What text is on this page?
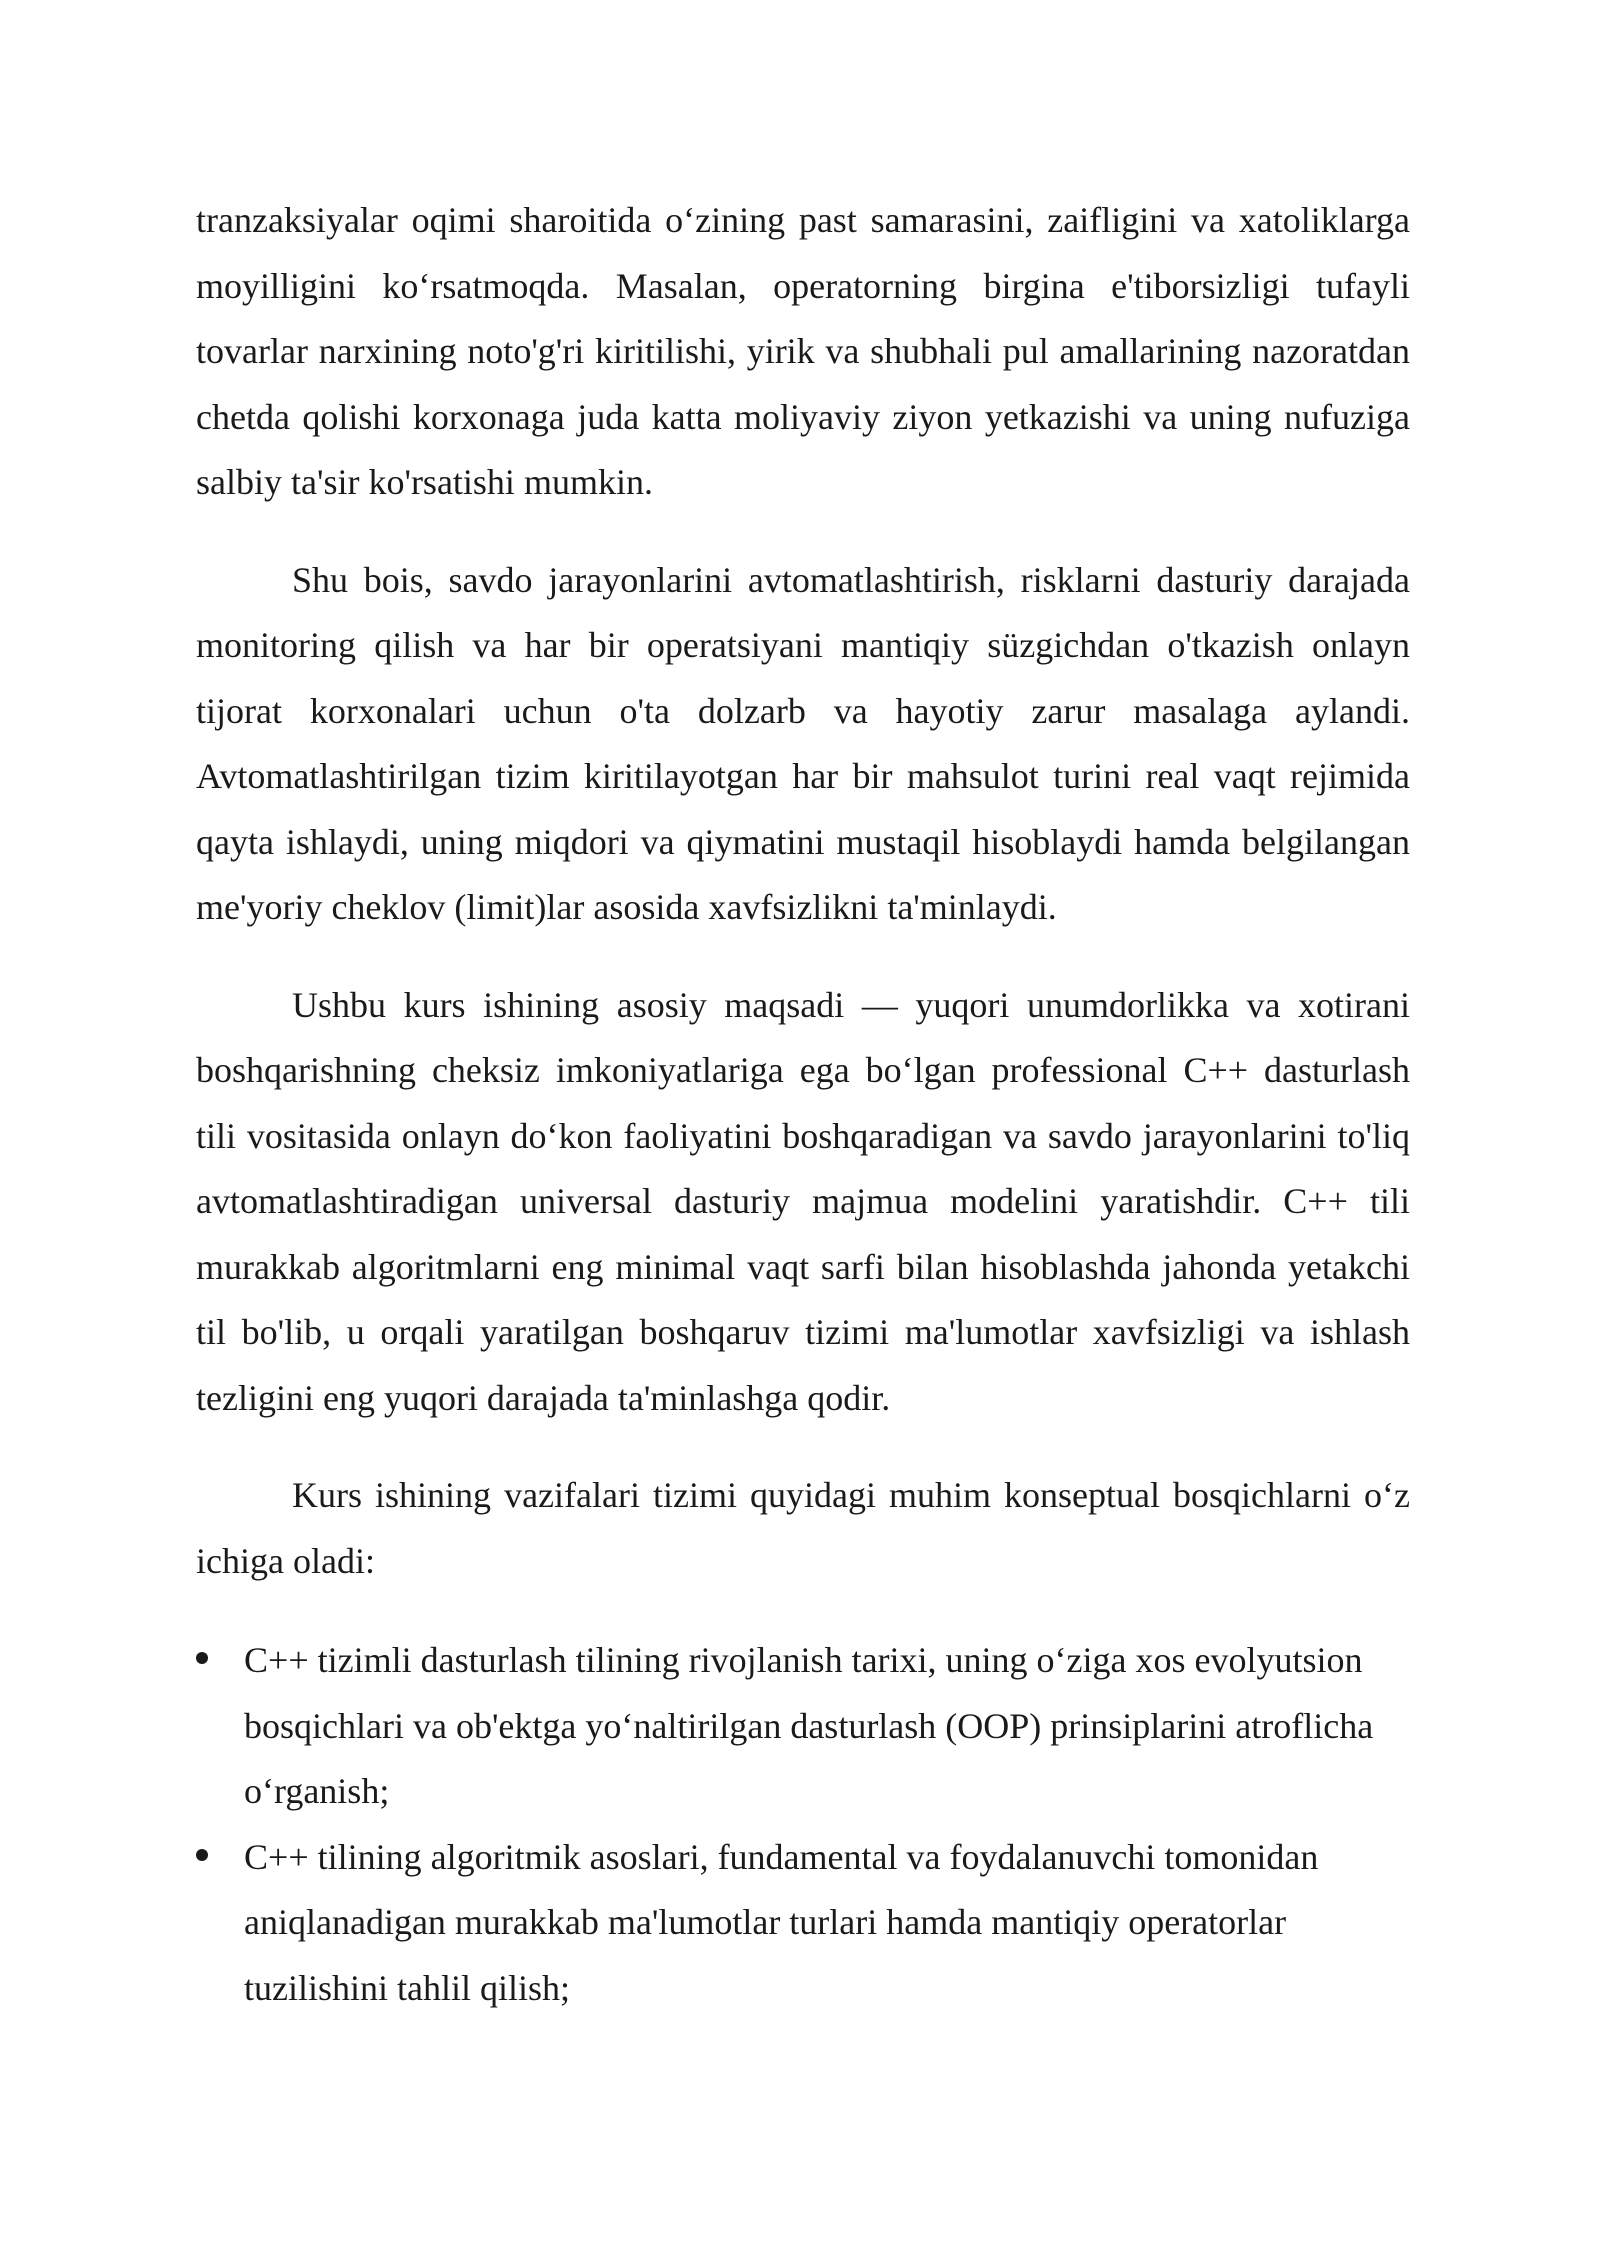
tranzaksiyalar oqimi sharoitida o‘zining past samarasini, zaifligini va xatoliklarga moyilligini ko‘rsatmoqda. Masalan, operatorning birgina e'tiborsizligi tufayli tovarlar narxining noto'g'ri kiritilishi, yirik va shubhali pul amallarining nazoratdan chetda qolishi korxonaga juda katta moliyaviy ziyon yetkazishi va uning nufuziga salbiy ta'sir ko'rsatishi mumkin.

Shu bois, savdo jarayonlarini avtomatlashtirish, risklarni dasturiy darajada monitoring qilish va har bir operatsiyani mantiqiy süzgichdan o'tkazish onlayn tijorat korxonalari uchun o'ta dolzarb va hayotiy zarur masalaga aylandi. Avtomatlashtirilgan tizim kiritilayotgan har bir mahsulot turini real vaqt rejimida qayta ishlaydi, uning miqdori va qiymatini mustaqil hisoblaydi hamda belgilangan me'yoriy cheklov (limit)lar asosida xavfsizlikni ta'minlaydi.

Ushbu kurs ishining asosiy maqsadi — yuqori unumdorlikka va xotirani boshqarishning cheksiz imkoniyatlariga ega bo‘lgan professional C++ dasturlash tili vositasida onlayn do‘kon faoliyatini boshqaradigan va savdo jarayonlarini to'liq avtomatlashtiradigan universal dasturiy majmua modelini yaratishdir. C++ tili murakkab algoritmlarni eng minimal vaqt sarfi bilan hisoblashda jahonda yetakchi til bo'lib, u orqali yaratilgan boshqaruv tizimi ma'lumotlar xavfsizligi va ishlash tezligini eng yuqori darajada ta'minlashga qodir.

Kurs ishining vazifalari tizimi quyidagi muhim konseptual bosqichlarni o‘z ichiga oladi:

C++ tizimli dasturlash tilining rivojlanish tarixi, uning o‘ziga xos evolyutsion bosqichlari va ob'ektga yo‘naltirilgan dasturlash (OOP) prinsiplarini atroflicha o‘rganish;
C++ tilining algoritmik asoslari, fundamental va foydalanuvchi tomonidan aniqlanadigan murakkab ma'lumotlar turlari hamda mantiqiy operatorlar tuzilishini tahlil qilish;
